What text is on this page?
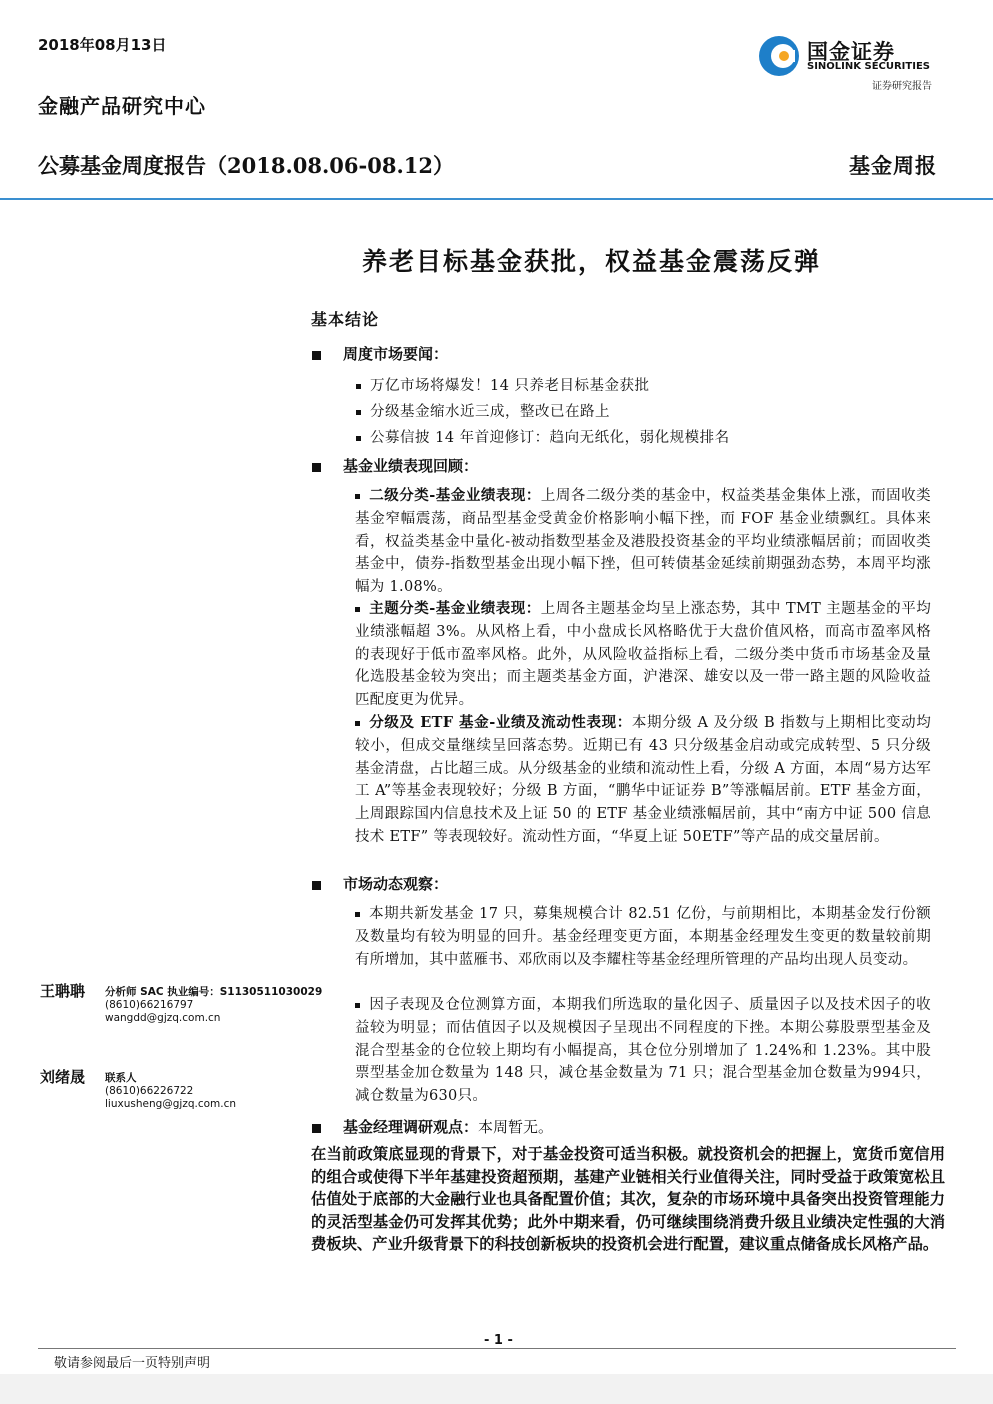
2018年08月13日
金融产品研究中心
国金证券
SINOLINK SECURITIES
证券研究报告
公募基金周度报告（2018.08.06-08.12）	基金周报
养老目标基金获批，权益基金震荡反弹
基本结论
周度市场要闻：
万亿市场将爆发！14 只养老目标基金获批
分级基金缩水近三成，整改已在路上
公募信披 14 年首迎修订：趋向无纸化，弱化规模排名
基金业绩表现回顾：
二级分类-基金业绩表现：上周各二级分类的基金中，权益类基金集体上涨，而固收类基金窄幅震荡，商品型基金受黄金价格影响小幅下挫，而 FOF 基金业绩飘红。具体来看，权益类基金中量化-被动指数型基金及港股投资基金的平均业绩涨幅居前；而固收类基金中，债券-指数型基金出现小幅下挫，但可转债基金延续前期强劲态势，本周平均涨幅为 1.08%。
主题分类-基金业绩表现：上周各主题基金均呈上涨态势，其中 TMT 主题基金的平均业绩涨幅超 3%。从风格上看，中小盘成长风格略优于大盘价值风格，而高市盈率风格的表现好于低市盈率风格。此外，从风险收益指标上看，二级分类中货币市场基金及量化选股基金较为突出；而主题类基金方面，沪港深、雄安以及一带一路主题的风险收益匹配度更为优异。
分级及 ETF 基金-业绩及流动性表现：本期分级 A 及分级 B 指数与上期相比变动均较小，但成交量继续呈回落态势。近期已有 43 只分级基金启动或完成转型、5 只分级基金清盘，占比超三成。从分级基金的业绩和流动性上看，分级 A 方面，本周“易方达军工 A”等基金表现较好；分级 B 方面，“鹏华中证证券 B”等涨幅居前。ETF 基金方面，上周跟踪国内信息技术及上证 50 的 ETF 基金业绩涨幅居前，其中“南方中证 500 信息技术 ETF” 等表现较好。流动性方面，“华夏上证 50ETF”等产品的成交量居前。
市场动态观察：
本期共新发基金 17 只，募集规模合计 82.51 亿份，与前期相比，本期基金发行份额及数量均有较为明显的回升。基金经理变更方面，本期基金经理发生变更的数量较前期有所增加，其中蓝雁书、邓欣雨以及李耀柱等基金经理所管理的产品均出现人员变动。
因子表现及仓位测算方面，本期我们所选取的量化因子、质量因子以及技术因子的收益较为明显；而估值因子以及规模因子呈现出不同程度的下挫。本期公募股票型基金及混合型基金的仓位较上期均有小幅提高，其仓位分别增加了 1.24%和 1.23%。其中股票型基金加仓数量为 148 只，减仓基金数量为 71 只；混合型基金加仓数量为994只，减仓数量为630只。
基金经理调研观点：本周暂无。
在当前政策底显现的背景下，对于基金投资可适当积极。就投资机会的把握上，宽货币宽信用的组合或使得下半年基建投资超预期，基建产业链相关行业值得关注，同时受益于政策宽松且估值处于底部的大金融行业也具备配置价值；其次，复杂的市场环境中具备突出投资管理能力的灵活型基金仍可发挥其优势；此外中期来看，仍可继续围绕消费升级且业绩决定性强的大消费板块、产业升级背景下的科技创新板块的投资机会进行配置，建议重点储备成长风格产品。
王聃聃 分析师 SAC 执业编号：S1130511030029
(8610)66216797
wangdd@gjzq.com.cn
刘绪晟 联系人
(8610)66226722
liuxusheng@gjzq.com.cn
- 1 -
敬请参阅最后一页特别声明
